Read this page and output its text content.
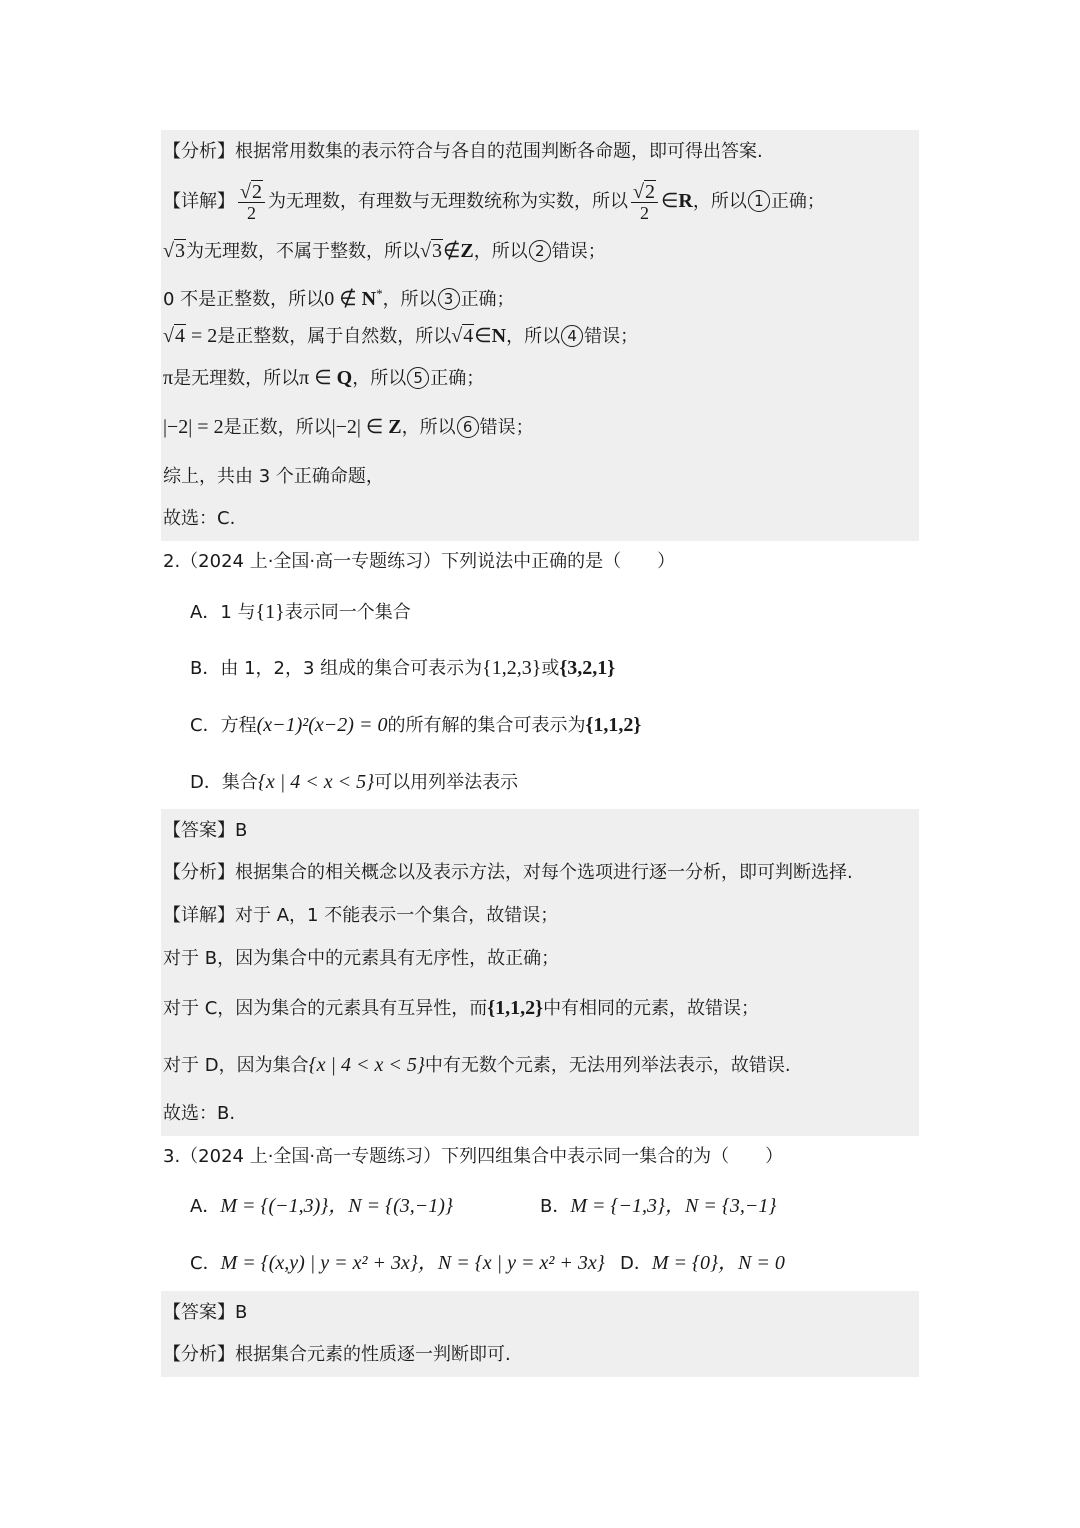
【分析】根据常用数集的表示符合与各自的范围判断各命题，即可得出答案.
【详解】 $\frac{√2}{2}$ 为无理数，有理数与无理数统称为实数，所以 $\frac{√2}{2}$ ∈R，所以 1 正确；
√3为无理数，不属于整数，所以√3∉Z，所以 2 错误；
0 不是正整数，所以0 ∉ N*，所以 3 正确；
√4 = 2是正整数，属于自然数，所以√4∈N，所以 4 错误；
π是无理数，所以π ∈ Q，所以 5 正确；
|−2| = 2是正数，所以|−2| ∈ Z，所以 6 错误；
综上，共由 3 个正确命题，
故选：C.
2.（2024 上·全国·高一专题练习）下列说法中正确的是（　　）
A．1 与{1}表示同一个集合
B．由 1，2，3 组成的集合可表示为{1,2,3}或{3,2,1}
C．方程(x−1)²(x−2) = 0的所有解的集合可表示为{1,1,2}
D．集合{x | 4 < x < 5}可以用列举法表示
【答案】B
【分析】根据集合的相关概念以及表示方法，对每个选项进行逐一分析，即可判断选择.
【详解】对于 A，1 不能表示一个集合，故错误；
对于 B，因为集合中的元素具有无序性，故正确；
对于 C，因为集合的元素具有互异性，而{1,1,2}中有相同的元素，故错误；
对于 D，因为集合{x | 4 < x < 5}中有无数个元素，无法用列举法表示，故错误.
故选：B.
3.（2024 上·全国·高一专题练习）下列四组集合中表示同一集合的为（　　）
A．M = {(−1,3)}，N = {(3,−1)}	B．M = {−1,3}，N = {3,−1}
C．M = {(x,y) | y = x² + 3x}，N = {x | y = x² + 3x} D．M = {0}，N = 0
【答案】B
【分析】根据集合元素的性质逐一判断即可.
